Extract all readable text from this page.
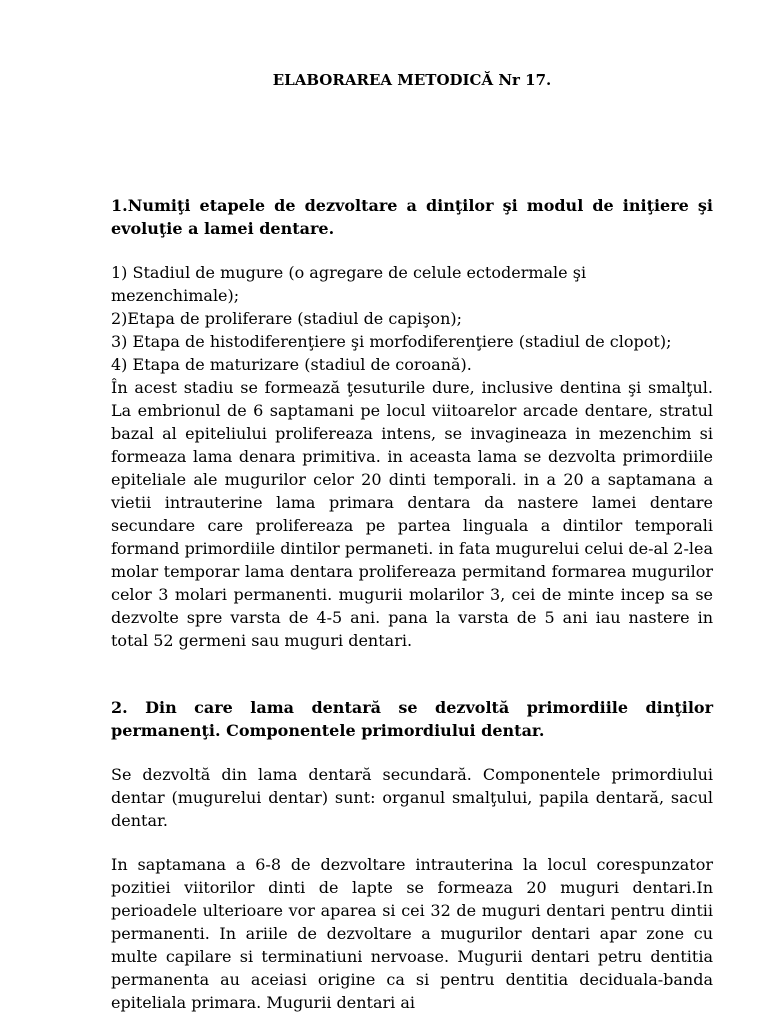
ELABORAREA METODICĂ Nr 17.

1.Numiţi etapele de dezvoltare a dinţilor şi modul de iniţiere şi evoluţie a lamei dentare.

1) Stadiul de mugure (o agregare de celule ectodermale şi mezenchimale);

2)Etapa de proliferare (stadiul de capişon);

3) Etapa de histodiferenţiere şi morfodiferenţiere (stadiul de clopot);

4) Etapa de maturizare (stadiul de coroană).

În acest stadiu se formează ţesuturile dure, inclusive dentina şi smalţul. La embrionul de 6 saptamani pe locul viitoarelor arcade dentare, stratul bazal al epiteliului prolifereaza intens, se invagineaza in mezenchim si formeaza lama denara primitiva. in aceasta lama se dezvolta primordiile epiteliale ale mugurilor celor 20 dinti temporali. in a 20 a saptamana a vietii intrauterine lama primara dentara da nastere lamei dentare secundare care prolifereaza pe partea linguala a dintilor temporali formand primordiile dintilor permaneti. in fata mugurelui celui de-al 2-lea molar temporar lama dentara prolifereaza permitand formarea mugurilor celor 3 molari permanenti. mugurii molarilor 3, cei de minte incep sa se dezvolte spre varsta de 4-5 ani. pana la varsta de 5 ani iau nastere in total 52 germeni sau muguri dentari.

2. Din care lama dentară se dezvoltă primordiile dinţilor permanenţi. Componentele primordiului dentar.

Se dezvoltă din lama dentară secundară. Componentele primordiului dentar (mugurelui dentar) sunt: organul smalţului, papila dentară, sacul dentar.

In saptamana a 6-8 de dezvoltare intrauterina la locul corespunzator pozitiei viitorilor dinti de lapte se formeaza 20 muguri dentari.In perioadele ulterioare vor aparea si cei 32 de muguri dentari pentru dintii permanenti. In ariile de dezvoltare a mugurilor dentari apar zone cu multe capilare si terminatiuni nervoase. Mugurii dentari petru dentitia permanenta au aceiasi origine ca si pentru dentitia deciduala-banda epiteliala primara. Mugurii dentari ai
